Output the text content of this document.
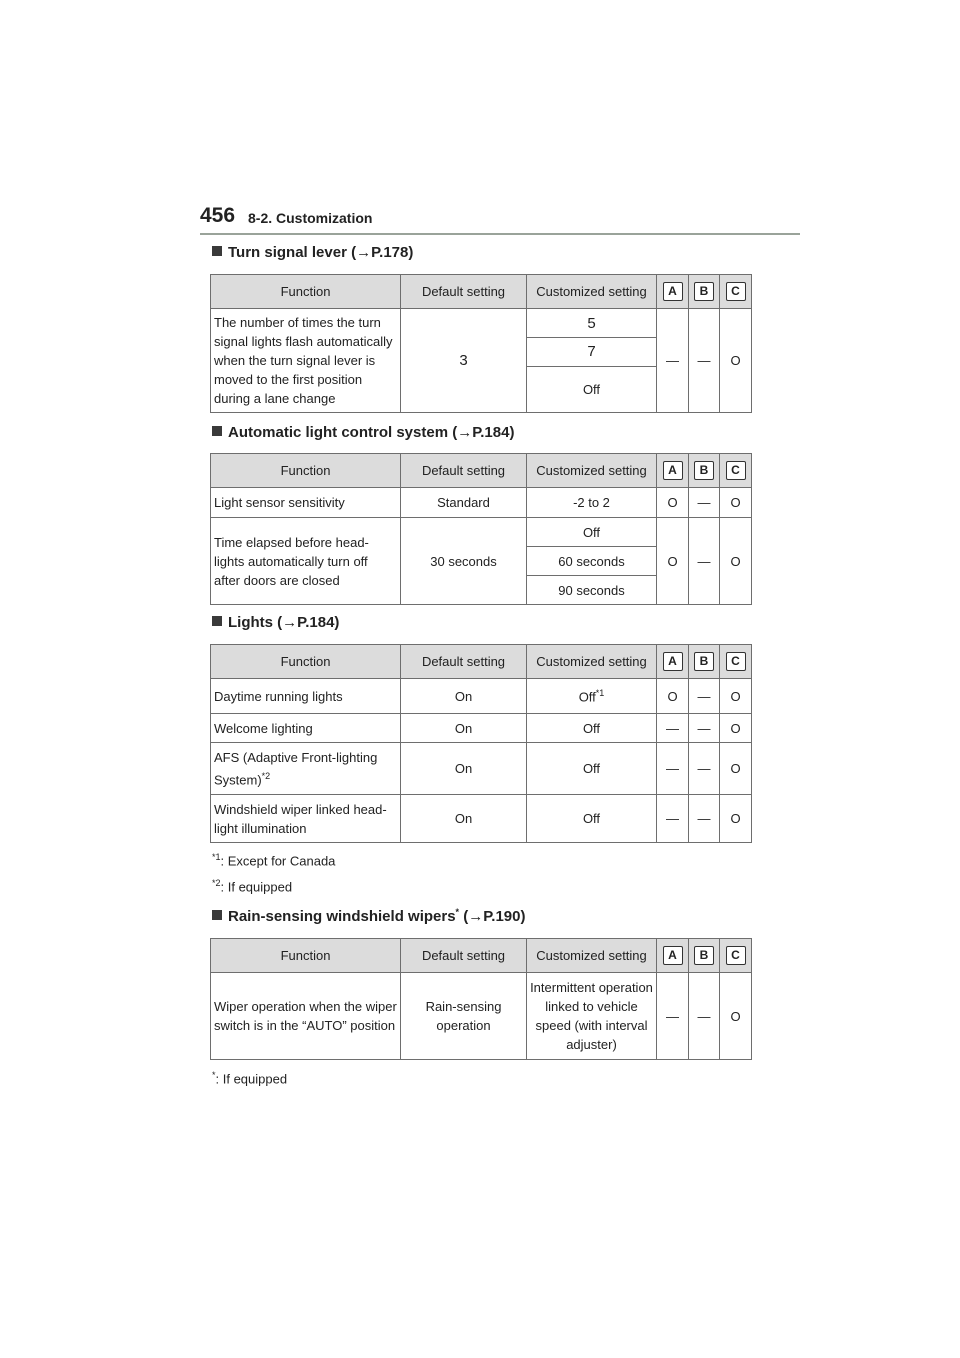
456 8-2. Customization
Turn signal lever (→P.178)
Function	Default setting	Customized setting	A	B	C
The number of times the turn signal lights flash automatically when the turn signal lever is moved to the first position during a lane change	3	5	—	—	O
		7			
		Off			
Automatic light control system (→P.184)
Function	Default setting	Customized setting	A	B	C
Light sensor sensitivity	Standard	-2 to 2	O	—	O
Time elapsed before head-lights automatically turn off after doors are closed	30 seconds	Off	O	—	O
		60 seconds			
		90 seconds			
Lights (→P.184)
Function	Default setting	Customized setting	A	B	C
Daytime running lights	On	Off$^{*1}$	O	—	O
Welcome lighting	On	Off	—	—	O
AFS (Adaptive Front-lighting System)$^{*2}$	On	Off	—	—	O
Windshield wiper linked head-light illumination	On	Off	—	—	O
$^{*1}$: Except for Canada
$^{*2}$: If equipped
Rain-sensing windshield wipers* (→P.190)
Function	Default setting	Customized setting	A	B	C
Wiper operation when the wiper switch is in the “AUTO” position	Rain-sensing operation	Intermittent operation linked to vehicle speed (with interval adjuster)	—	—	O
*: If equipped
